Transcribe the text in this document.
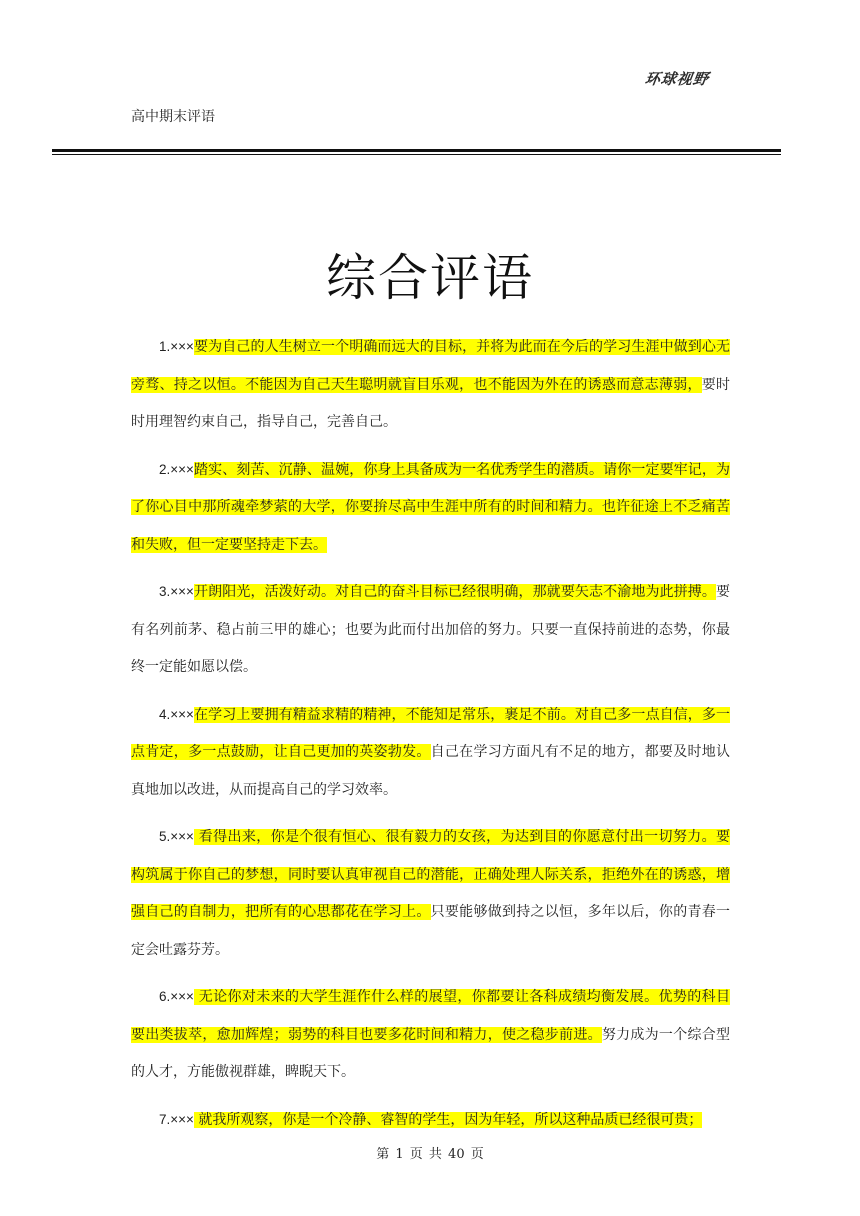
环球视野
高中期末评语
综合评语

1.×××要为自己的人生树立一个明确而远大的目标，并将为此而在今后的学习生涯中做到心无旁骛、持之以恒。不能因为自己天生聪明就盲目乐观，也不能因为外在的诱惑而意志薄弱，要时时用理智约束自己，指导自己，完善自己。

2.×××踏实、刻苦、沉静、温婉，你身上具备成为一名优秀学生的潜质。请你一定要牢记，为了你心目中那所魂牵梦萦的大学，你要拚尽高中生涯中所有的时间和精力。也许征途上不乏痛苦和失败，但一定要坚持走下去。

3.×××开朗阳光，活泼好动。对自己的奋斗目标已经很明确，那就要矢志不渝地为此拼搏。要有名列前茅、稳占前三甲的雄心；也要为此而付出加倍的努力。只要一直保持前进的态势，你最终一定能如愿以偿。

4.×××在学习上要拥有精益求精的精神，不能知足常乐，裹足不前。对自己多一点自信，多一点肯定，多一点鼓励，让自己更加的英姿勃发。自己在学习方面凡有不足的地方，都要及时地认真地加以改进，从而提高自己的学习效率。

5.××× 看得出来，你是个很有恒心、很有毅力的女孩，为达到目的你愿意付出一切努力。要构筑属于你自己的梦想，同时要认真审视自己的潜能，正确处理人际关系，拒绝外在的诱惑，增强自己的自制力，把所有的心思都花在学习上。只要能够做到持之以恒，多年以后，你的青春一定会吐露芬芳。

6.××× 无论你对未来的大学生涯作什么样的展望，你都要让各科成绩均衡发展。优势的科目要出类拔萃，愈加辉煌；弱势的科目也要多花时间和精力，使之稳步前进。努力成为一个综合型的人才，方能傲视群雄，睥睨天下。

7.××× 就我所观察，你是一个冷静、睿智的学生，因为年轻，所以这种品质已经很可贵；

第 1 页 共 40 页
